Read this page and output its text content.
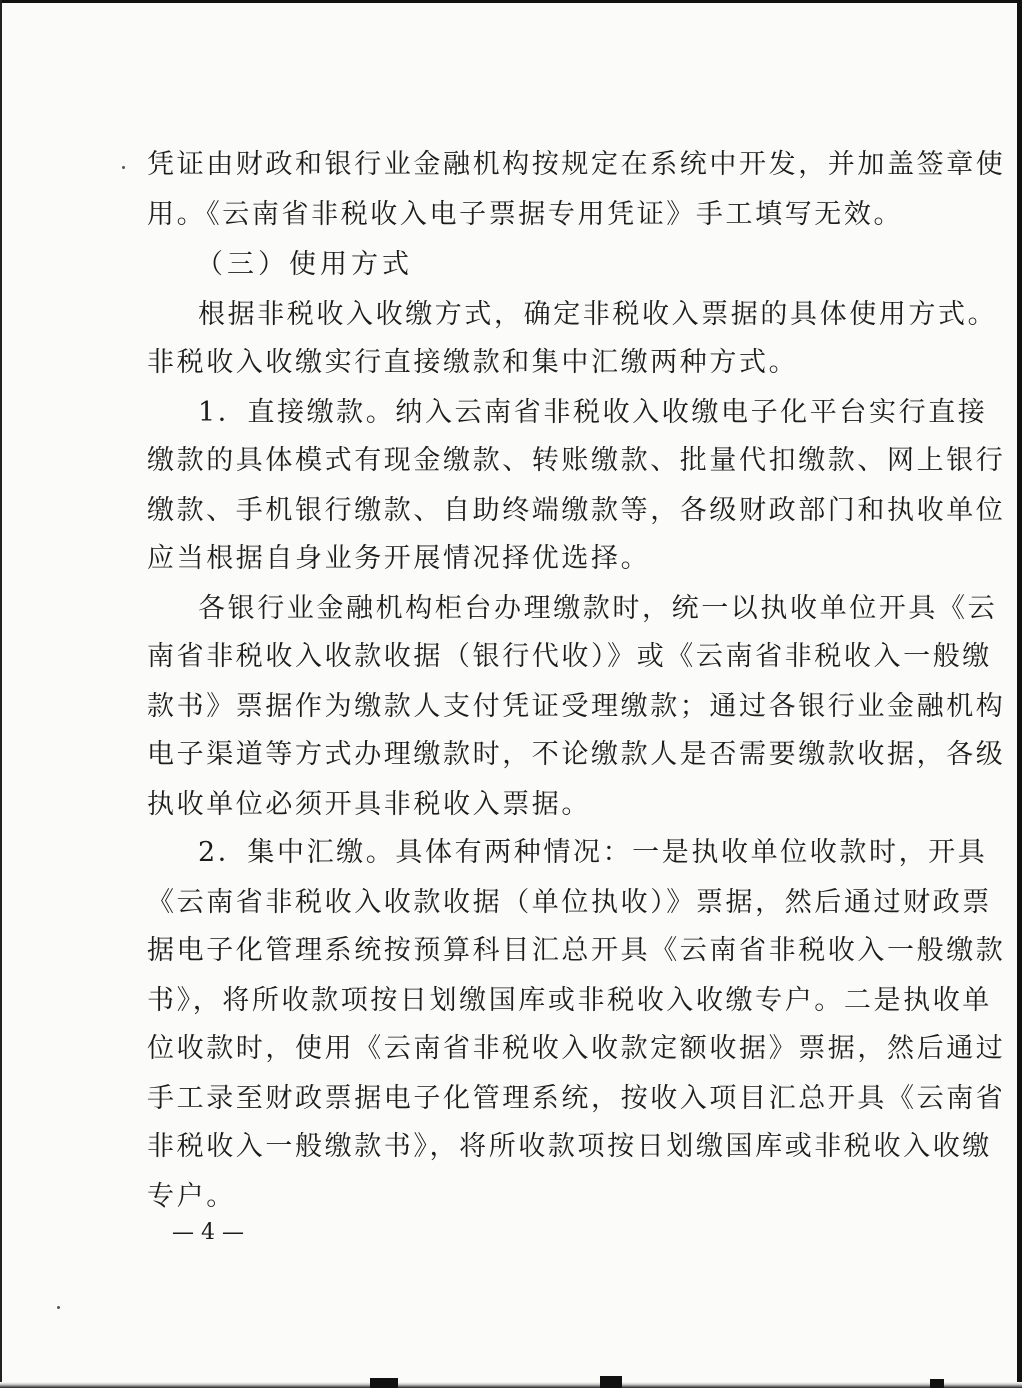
凭证由财政和银行业金融机构按规定在系统中开发，并加盖签章使
用。《云南省非税收入电子票据专用凭证》手工填写无效。
（三）使用方式
根据非税收入收缴方式，确定非税收入票据的具体使用方式。
非税收入收缴实行直接缴款和集中汇缴两种方式。
1．直接缴款。纳入云南省非税收入收缴电子化平台实行直接
缴款的具体模式有现金缴款、转账缴款、批量代扣缴款、网上银行
缴款、手机银行缴款、自助终端缴款等，各级财政部门和执收单位
应当根据自身业务开展情况择优选择。
各银行业金融机构柜台办理缴款时，统一以执收单位开具《云
南省非税收入收款收据（银行代收）》或《云南省非税收入一般缴
款书》票据作为缴款人支付凭证受理缴款；通过各银行业金融机构
电子渠道等方式办理缴款时，不论缴款人是否需要缴款收据，各级
执收单位必须开具非税收入票据。
2．集中汇缴。具体有两种情况：一是执收单位收款时，开具
《云南省非税收入收款收据（单位执收）》票据，然后通过财政票
据电子化管理系统按预算科目汇总开具《云南省非税收入一般缴款
书》，将所收款项按日划缴国库或非税收入收缴专户。二是执收单
位收款时，使用《云南省非税收入收款定额收据》票据，然后通过
手工录至财政票据电子化管理系统，按收入项目汇总开具《云南省
非税收入一般缴款书》，将所收款项按日划缴国库或非税收入收缴
专户。
— 4 —
